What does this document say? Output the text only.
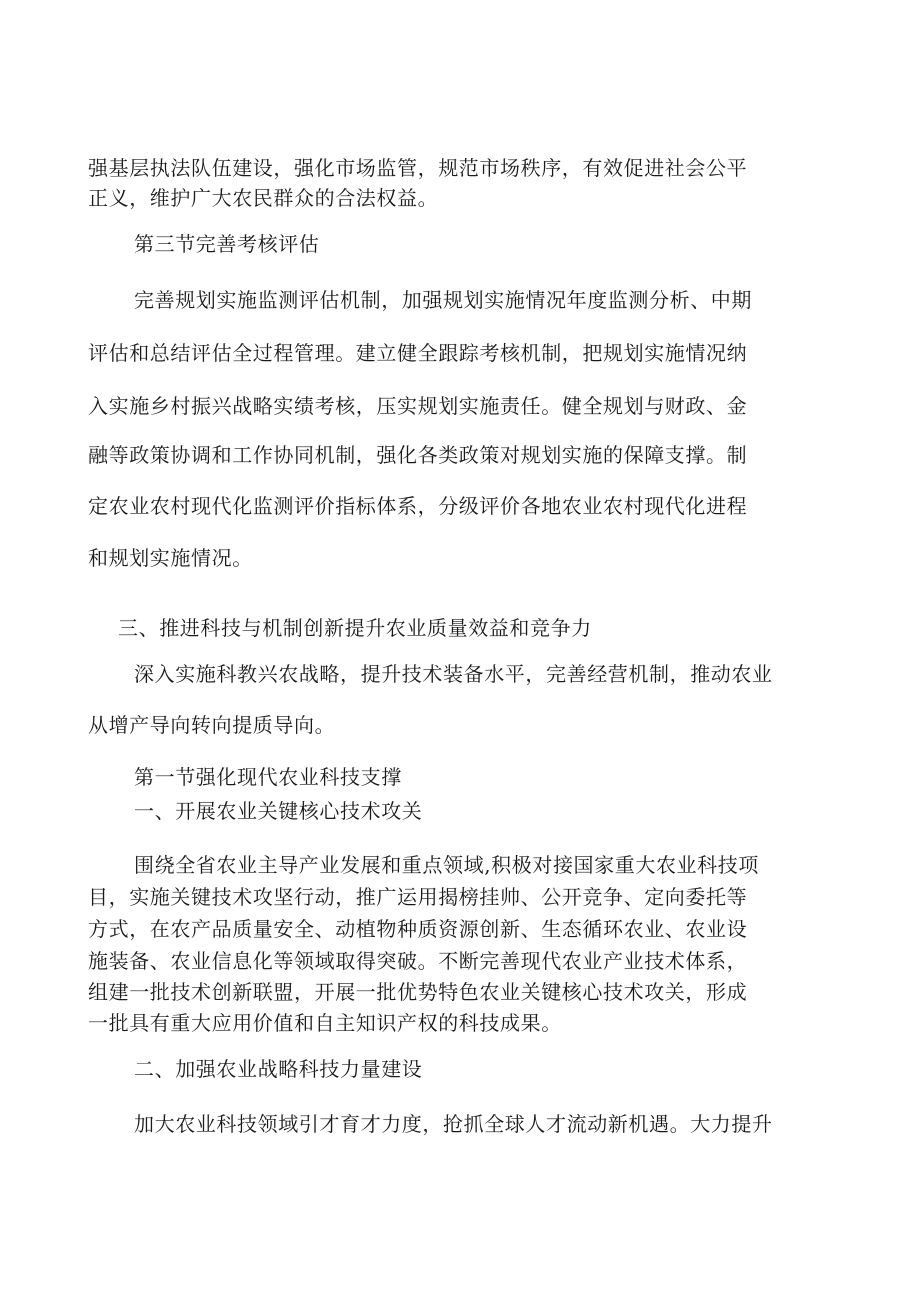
强基层执法队伍建设，强化市场监管，规范市场秩序，有效促进社会公平
正义，维护广大农民群众的合法权益。
第三节完善考核评估
完善规划实施监测评估机制，加强规划实施情况年度监测分析、中期
评估和总结评估全过程管理。建立健全跟踪考核机制，把规划实施情况纳
入实施乡村振兴战略实绩考核，压实规划实施责任。健全规划与财政、金
融等政策协调和工作协同机制，强化各类政策对规划实施的保障支撑。制
定农业农村现代化监测评价指标体系，分级评价各地农业农村现代化进程
和规划实施情况。
三、推进科技与机制创新提升农业质量效益和竞争力
深入实施科教兴农战略，提升技术装备水平，完善经营机制，推动农业
从增产导向转向提质导向。
第一节强化现代农业科技支撑
一、开展农业关键核心技术攻关
围绕全省农业主导产业发展和重点领域,积极对接国家重大农业科技项
目，实施关键技术攻坚行动，推广运用揭榜挂帅、公开竞争、定向委托等
方式，在农产品质量安全、动植物种质资源创新、生态循环农业、农业设
施装备、农业信息化等领域取得突破。不断完善现代农业产业技术体系，
组建一批技术创新联盟，开展一批优势特色农业关键核心技术攻关，形成
一批具有重大应用价值和自主知识产权的科技成果。
二、加强农业战略科技力量建设
加大农业科技领域引才育才力度，抢抓全球人才流动新机遇。大力提升
